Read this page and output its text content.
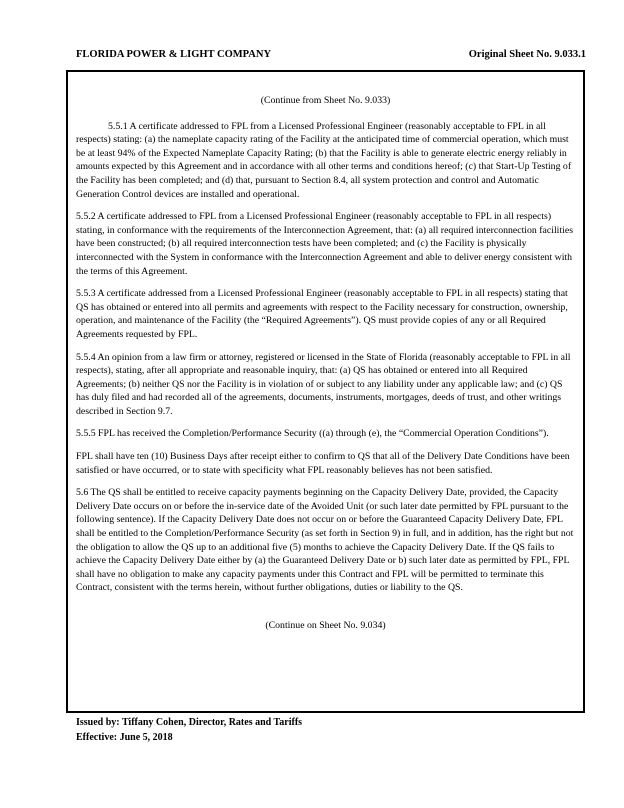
FLORIDA POWER & LIGHT COMPANY	Original Sheet No. 9.033.1

(Continue from Sheet No. 9.033)

5.5.1 A certificate addressed to FPL from a Licensed Professional Engineer (reasonably acceptable to FPL in all respects) stating: (a) the nameplate capacity rating of the Facility at the anticipated time of commercial operation, which must be at least 94% of the Expected Nameplate Capacity Rating; (b) that the Facility is able to generate electric energy reliably in amounts expected by this Agreement and in accordance with all other terms and conditions hereof; (c) that Start-Up Testing of the Facility has been completed; and (d) that, pursuant to Section 8.4, all system protection and control and Automatic Generation Control devices are installed and operational.

5.5.2 A certificate addressed to FPL from a Licensed Professional Engineer (reasonably acceptable to FPL in all respects) stating, in conformance with the requirements of the Interconnection Agreement, that: (a) all required interconnection facilities have been constructed; (b) all required interconnection tests have been completed; and (c) the Facility is physically interconnected with the System in conformance with the Interconnection Agreement and able to deliver energy consistent with the terms of this Agreement.

5.5.3 A certificate addressed from a Licensed Professional Engineer (reasonably acceptable to FPL in all respects) stating that QS has obtained or entered into all permits and agreements with respect to the Facility necessary for construction, ownership, operation, and maintenance of the Facility (the “Required Agreements”). QS must provide copies of any or all Required Agreements requested by FPL.

5.5.4 An opinion from a law firm or attorney, registered or licensed in the State of Florida (reasonably acceptable to FPL in all respects), stating, after all appropriate and reasonable inquiry, that: (a) QS has obtained or entered into all Required Agreements; (b) neither QS nor the Facility is in violation of or subject to any liability under any applicable law; and (c) QS has duly filed and had recorded all of the agreements, documents, instruments, mortgages, deeds of trust, and other writings described in Section 9.7.

5.5.5 FPL has received the Completion/Performance Security ((a) through (e), the “Commercial Operation Conditions”).

FPL shall have ten (10) Business Days after receipt either to confirm to QS that all of the Delivery Date Conditions have been satisfied or have occurred, or to state with specificity what FPL reasonably believes has not been satisfied.

5.6 The QS shall be entitled to receive capacity payments beginning on the Capacity Delivery Date, provided, the Capacity Delivery Date occurs on or before the in-service date of the Avoided Unit (or such later date permitted by FPL pursuant to the following sentence). If the Capacity Delivery Date does not occur on or before the Guaranteed Capacity Delivery Date, FPL shall be entitled to the Completion/Performance Security (as set forth in Section 9) in full, and in addition, has the right but not the obligation to allow the QS up to an additional five (5) months to achieve the Capacity Delivery Date. If the QS fails to achieve the Capacity Delivery Date either by (a) the Guaranteed Delivery Date or b) such later date as permitted by FPL, FPL shall have no obligation to make any capacity payments under this Contract and FPL will be permitted to terminate this Contract, consistent with the terms herein, without further obligations, duties or liability to the QS.

(Continue on Sheet No. 9.034)
Issued by: Tiffany Cohen, Director, Rates and Tariffs
Effective: June 5, 2018
